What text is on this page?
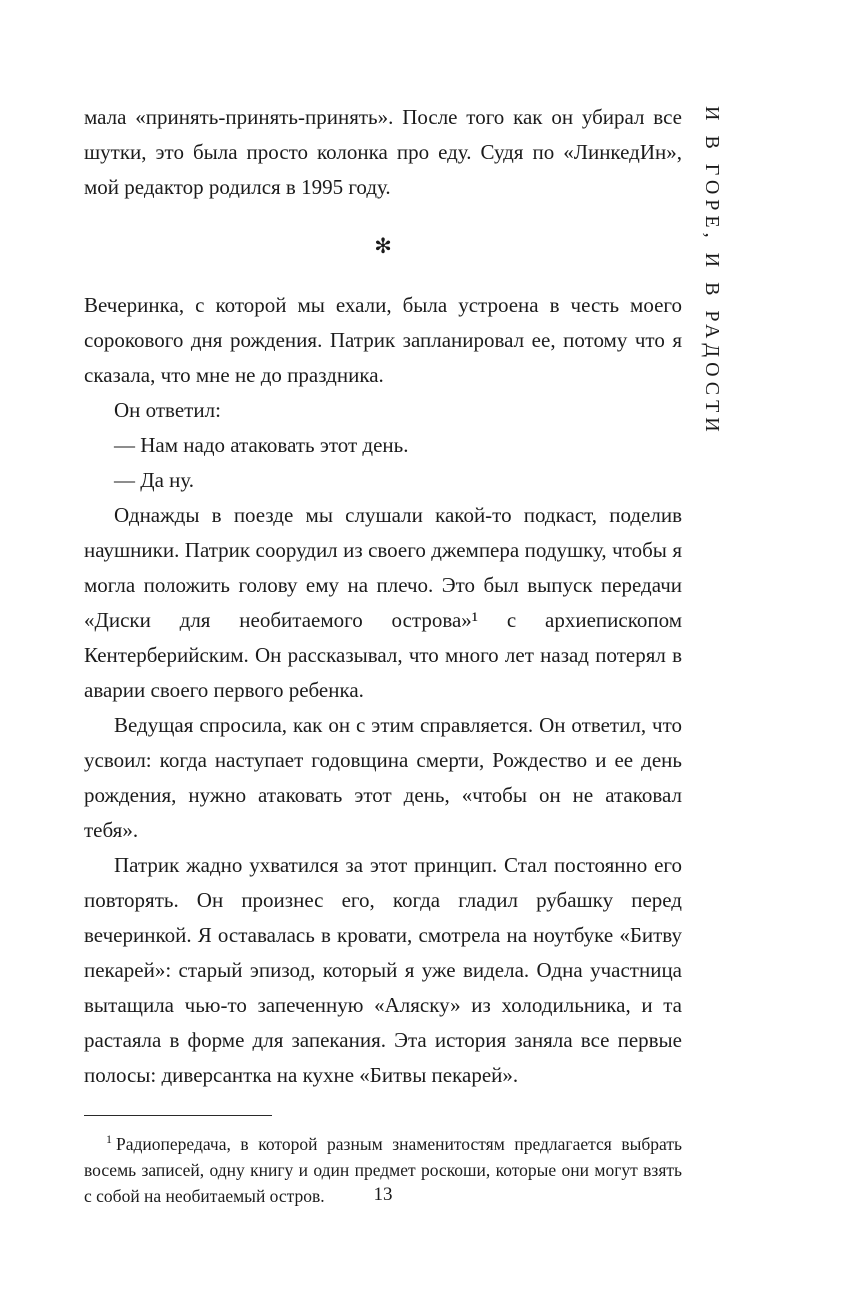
И В ГОРЕ, И В РАДОСТИ

мала «принять-принять-принять». После того как он убирал все шутки, это была просто колонка про еду. Судя по «ЛинкедИн», мой редактор родился в 1995 году.

✻

Вечеринка, с которой мы ехали, была устроена в честь моего сорокового дня рождения. Патрик запланировал ее, потому что я сказала, что мне не до праздника.

Он ответил:

— Нам надо атаковать этот день.

— Да ну.

Однажды в поезде мы слушали какой-то подкаст, поделив наушники. Патрик соорудил из своего джемпера подушку, чтобы я могла положить голову ему на плечо. Это был выпуск передачи «Диски для необитаемого острова»¹ с архиепископом Кентерберийским. Он рассказывал, что много лет назад потерял в аварии своего первого ребенка.

Ведущая спросила, как он с этим справляется. Он ответил, что усвоил: когда наступает годовщина смерти, Рождество и ее день рождения, нужно атаковать этот день, «чтобы он не атаковал тебя».

Патрик жадно ухватился за этот принцип. Стал постоянно его повторять. Он произнес его, когда гладил рубашку перед вечеринкой. Я оставалась в кровати, смотрела на ноутбуке «Битву пекарей»: старый эпизод, который я уже видела. Одна участница вытащила чью-то запеченную «Аляску» из холодильника, и та растаяла в форме для запекания. Эта история заняла все первые полосы: диверсантка на кухне «Битвы пекарей».

$^1$ Радиопередача, в которой разным знаменитостям предлагается выбрать восемь записей, одну книгу и один предмет роскоши, которые они могут взять с собой на необитаемый остров.	13
